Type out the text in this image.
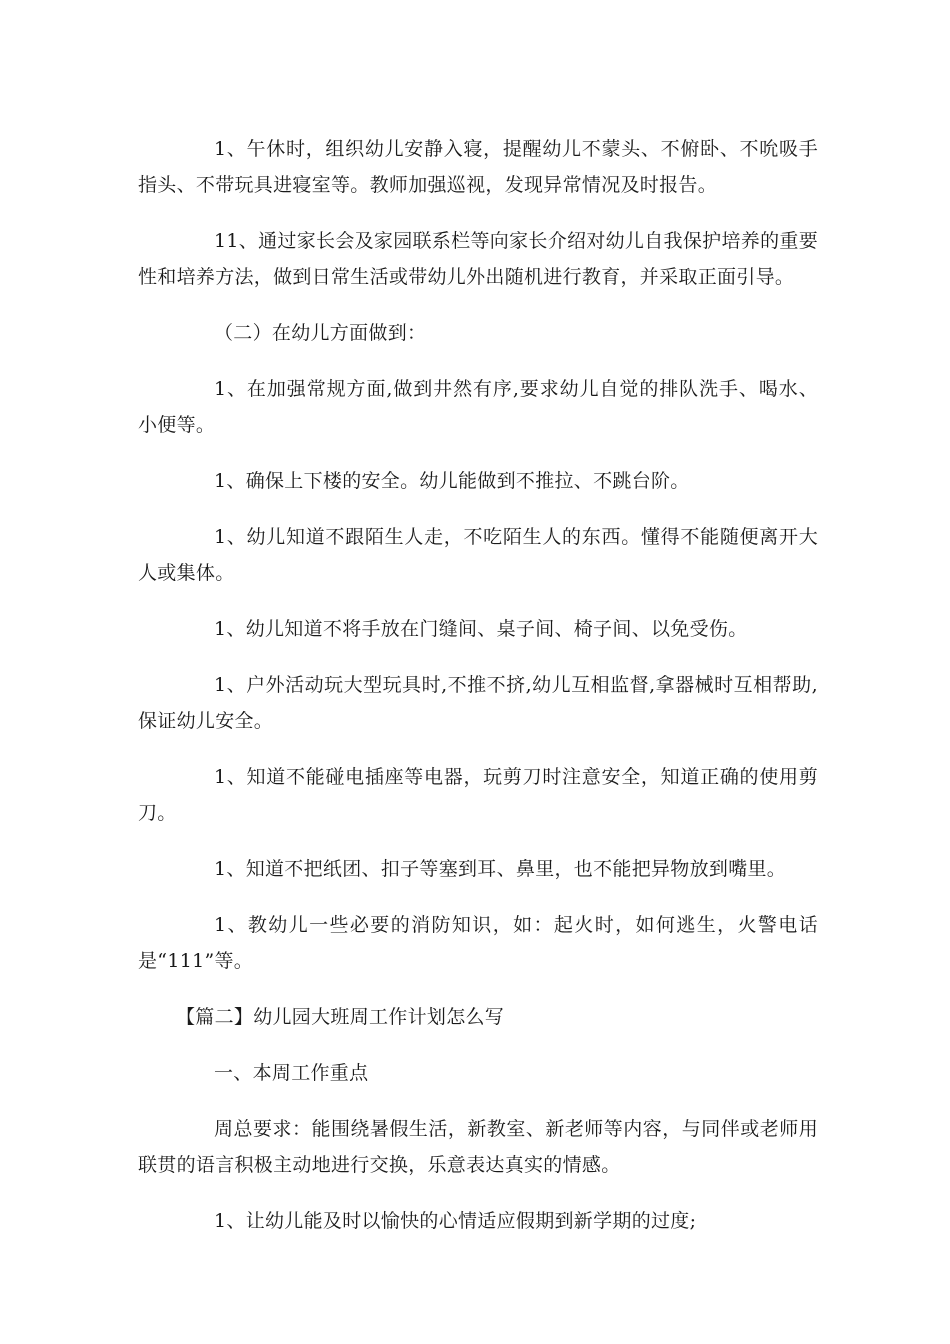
1、午休时，组织幼儿安静入寝，提醒幼儿不蒙头、不俯卧、不吮吸手指头、不带玩具进寝室等。教师加强巡视，发现异常情况及时报告。

11、通过家长会及家园联系栏等向家长介绍对幼儿自我保护培养的重要性和培养方法，做到日常生活或带幼儿外出随机进行教育，并采取正面引导。

（二）在幼儿方面做到：

1、在加强常规方面,做到井然有序,要求幼儿自觉的排队洗手、喝水、小便等。

1、确保上下楼的安全。幼儿能做到不推拉、不跳台阶。

1、幼儿知道不跟陌生人走，不吃陌生人的东西。懂得不能随便离开大人或集体。

1、幼儿知道不将手放在门缝间、桌子间、椅子间、以免受伤。

1、户外活动玩大型玩具时,不推不挤,幼儿互相监督,拿器械时互相帮助,保证幼儿安全。

1、知道不能碰电插座等电器，玩剪刀时注意安全，知道正确的使用剪刀。

1、知道不把纸团、扣子等塞到耳、鼻里，也不能把异物放到嘴里。

1、教幼儿一些必要的消防知识，如：起火时，如何逃生，火警电话是“111”等。

【篇二】幼儿园大班周工作计划怎么写

一、本周工作重点

周总要求：能围绕暑假生活，新教室、新老师等内容，与同伴或老师用联贯的语言积极主动地进行交换，乐意表达真实的情感。

1、让幼儿能及时以愉快的心情适应假期到新学期的过度;
